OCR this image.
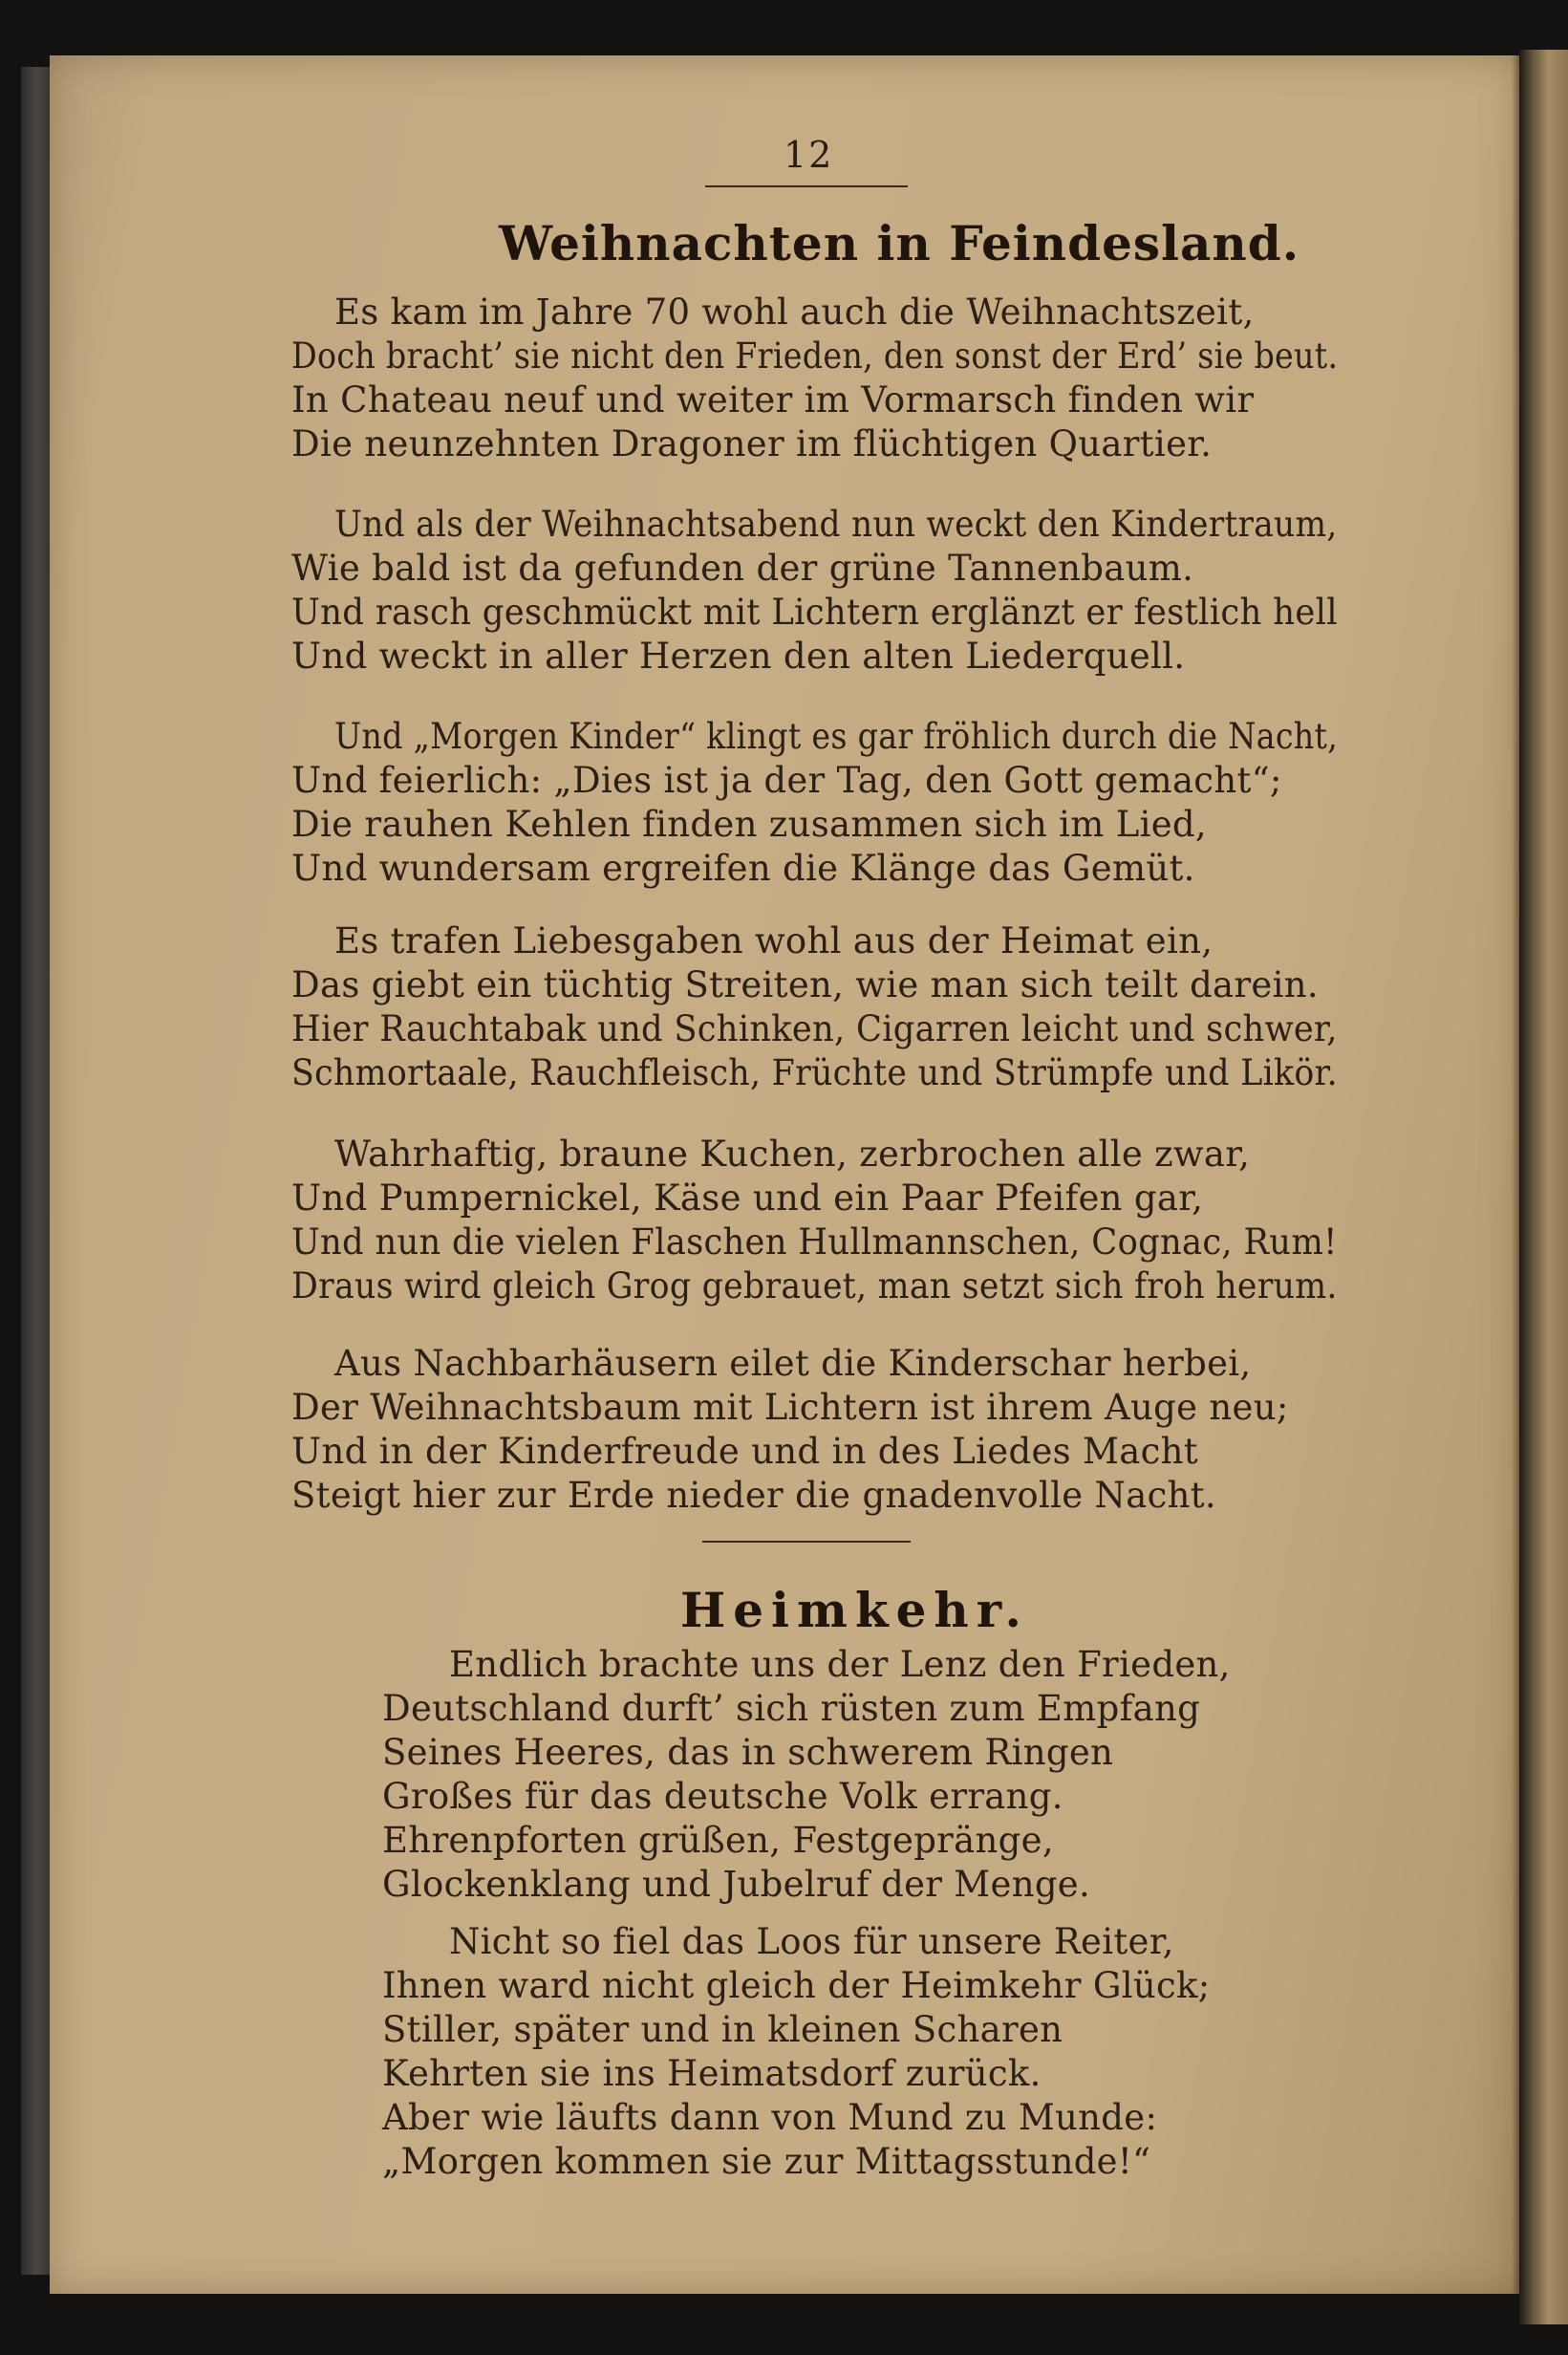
12
Weihnachten in Feindesland.
Es kam im Jahre 70 wohl auch die Weihnachtszeit,
Doch bracht’ sie nicht den Frieden, den sonst der Erd’ sie beut.
In Chateau neuf und weiter im Vormarsch finden wir
Die neunzehnten Dragoner im flüchtigen Quartier.
Und als der Weihnachtsabend nun weckt den Kindertraum,
Wie bald ist da gefunden der grüne Tannenbaum.
Und rasch geschmückt mit Lichtern erglänzt er festlich hell
Und weckt in aller Herzen den alten Liederquell.
Und „Morgen Kinder“ klingt es gar fröhlich durch die Nacht,
Und feierlich: „Dies ist ja der Tag, den Gott gemacht“;
Die rauhen Kehlen finden zusammen sich im Lied,
Und wundersam ergreifen die Klänge das Gemüt.
Es trafen Liebesgaben wohl aus der Heimat ein,
Das giebt ein tüchtig Streiten, wie man sich teilt darein.
Hier Rauchtabak und Schinken, Cigarren leicht und schwer,
Schmortaale, Rauchfleisch, Früchte und Strümpfe und Likör.
Wahrhaftig, braune Kuchen, zerbrochen alle zwar,
Und Pumpernickel, Käse und ein Paar Pfeifen gar,
Und nun die vielen Flaschen Hullmannschen, Cognac, Rum!
Draus wird gleich Grog gebrauet, man setzt sich froh herum.
Aus Nachbarhäusern eilet die Kinderschar herbei,
Der Weihnachtsbaum mit Lichtern ist ihrem Auge neu;
Und in der Kinderfreude und in des Liedes Macht
Steigt hier zur Erde nieder die gnadenvolle Nacht.
Heimkehr.
Endlich brachte uns der Lenz den Frieden,
Deutschland durft’ sich rüsten zum Empfang
Seines Heeres, das in schwerem Ringen
Großes für das deutsche Volk errang.
Ehrenpforten grüßen, Festgepränge,
Glockenklang und Jubelruf der Menge.
Nicht so fiel das Loos für unsere Reiter,
Ihnen ward nicht gleich der Heimkehr Glück;
Stiller, später und in kleinen Scharen
Kehrten sie ins Heimatsdorf zurück.
Aber wie läufts dann von Mund zu Munde:
„Morgen kommen sie zur Mittagsstunde!“
